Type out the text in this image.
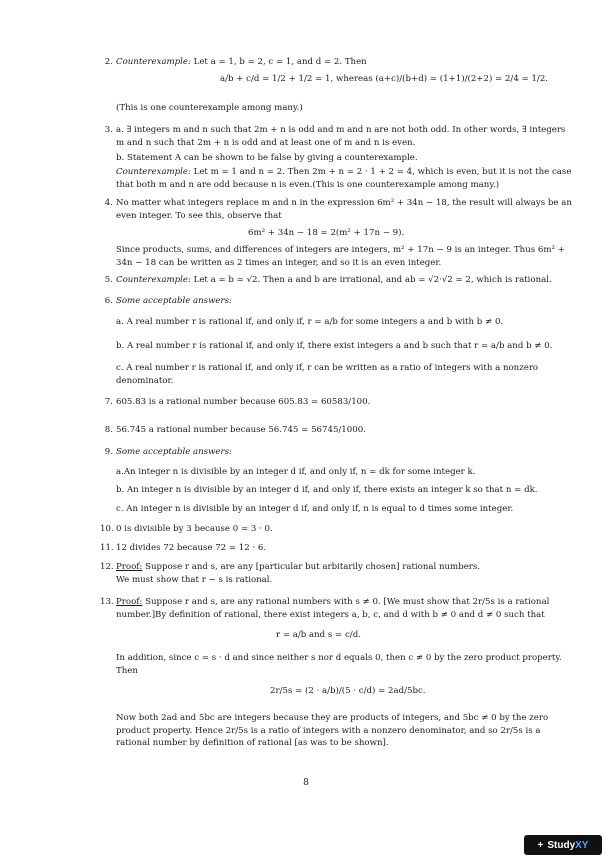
2. Counterexample: Let a = 1, b = 2, c = 1, and d = 2. Then
a/b + c/d = 1/2 + 1/2 = 1, whereas (a+c)/(b+d) = (1+1)/(2+2) = 2/4 = 1/2.
(This is one counterexample among many.)
3. a. ∃ integers m and n such that 2m + n is odd and m and n are not both odd. In other words, ∃ integers m and n such that 2m + n is odd and at least one of m and n is even.
b. Statement A can be shown to be false by giving a counterexample.
Counterexample: Let m = 1 and n = 2. Then 2m + n = 2 · 1 + 2 = 4, which is even, but it is not the case that both m and n are odd because n is even.(This is one counterexample among many.)
4. No matter what integers replace m and n in the expression 6m² + 34n − 18, the result will always be an even integer. To see this, observe that
6m² + 34n − 18 = 2(m² + 17n − 9).
Since products, sums, and differences of integers are integers, m² + 17n − 9 is an integer. Thus 6m² + 34n − 18 can be written as 2 times an integer, and so it is an even integer.
5. Counterexample: Let a = b = √2. Then a and b are irrational, and ab = √2·√2 = 2, which is rational.
6. Some acceptable answers:
a. A real number r is rational if, and only if, r = a/b for some integers a and b with b ≠ 0.
b. A real number r is rational if, and only if, there exist integers a and b such that r = a/b and b ≠ 0.
c. A real number r is rational if, and only if, r can be written as a ratio of integers with a nonzero denominator.
7. 605.83 is a rational number because 605.83 = 60583/100.
8. 56.745 a rational number because 56.745 = 56745/1000.
9. Some acceptable answers:
a.An integer n is divisible by an integer d if, and only if, n = dk for some integer k.
b. An integer n is divisible by an integer d if, and only if, there exists an integer k so that n = dk.
c. An integer n is divisible by an integer d if, and only if, n is equal to d times some integer.
10. 0 is divisible by 3 because 0 = 3 · 0.
11. 12 divides 72 because 72 = 12 · 6.
12. Proof: Suppose r and s, are any [particular but arbitarily chosen] rational numbers.
We must show that r − s is rational.
13. Proof: Suppose r and s, are any rational numbers with s ≠ 0. [We must show that 2r/5s is a rational number.]By definition of rational, there exist integers a, b, c, and d with b ≠ 0 and d ≠ 0 such that
r = a/b and s = c/d.
In addition, since c = s · d and since neither s nor d equals 0, then c ≠ 0 by the zero product property. Then
2r/5s = (2 · a/b)/(5 · c/d) = 2ad/5bc.
Now both 2ad and 5bc are integers because they are products of integers, and 5bc ≠ 0 by the zero product property. Hence 2r/5s is a ratio of integers with a nonzero denominator, and so 2r/5s is a rational number by definition of rational [as was to be shown].
8
+ StudyXY
